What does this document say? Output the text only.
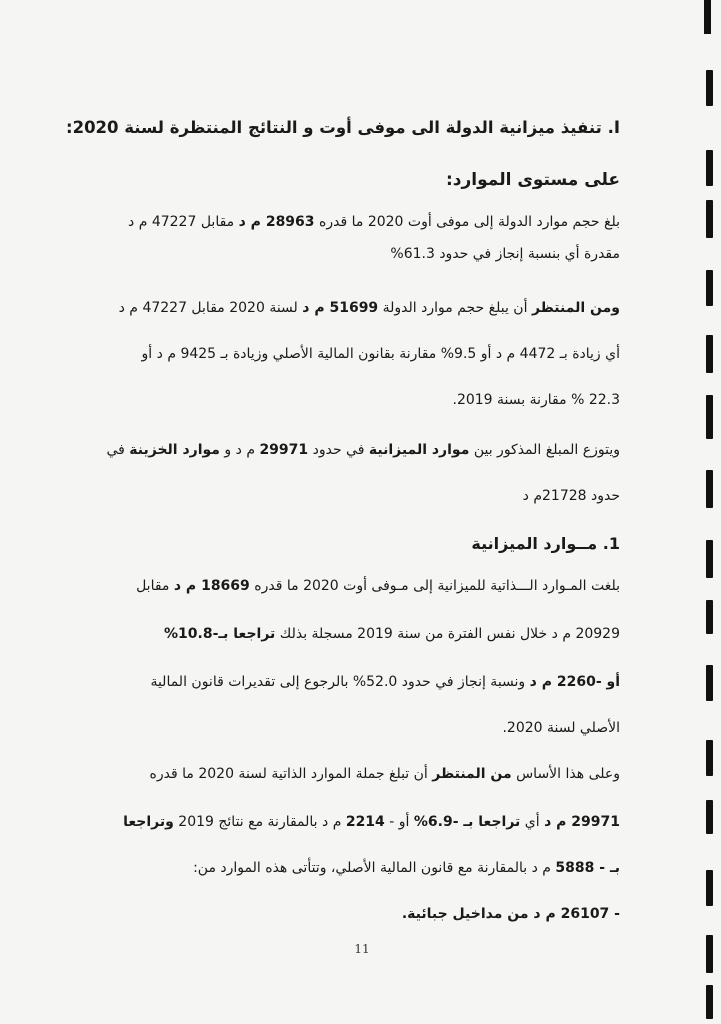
I. تنفيذ ميزانية الدولة الى موفى أوت و النتائج المنتظرة لسنة 2020:
على مستوى الموارد:
بلغ حجم موارد الدولة إلى موفى أوت 2020 ما قدره 28963 م د مقابل 47227 م د
مقدرة أي بنسبة إنجاز في حدود 61.3%
ومن المنتظر أن يبلغ حجم موارد الدولة 51699 م د لسنة 2020 مقابل 47227 م د
أي زيادة بـ 4472 م د أو 9.5% مقارنة بقانون المالية الأصلي وزيادة بـ 9425 م د أو
22.3 % مقارنة بسنة 2019.
ويتوزع المبلغ المذكور بين موارد الميزانية في حدود 29971 م د و موارد الخزينة في
حدود 21728م د
1. مــوارد الميزانية
بلغت المـوارد الـــذاتية للميزانية إلى مـوفى أوت 2020 ما قدره 18669 م د مقابل
20929 م د خلال نفس الفترة من سنة 2019 مسجلة بذلك تراجعا بـ-10.8%
أو -2260 م د ونسبة إنجاز في حدود 52.0% بالرجوع إلى تقديرات قانون المالية
الأصلي لسنة 2020.
وعلى هذا الأساس من المنتظر أن تبلغ جملة الموارد الذاتية لسنة 2020 ما قدره
29971 م د أي تراجعا بـ -6.9% أو - 2214 م د بالمقارنة مع نتائج 2019 وتراجعا
بـ - 5888 م د بالمقارنة مع قانون المالية الأصلي، وتتأتى هذه الموارد من:
- 26107 م د من مداخيل جبائية.
11
